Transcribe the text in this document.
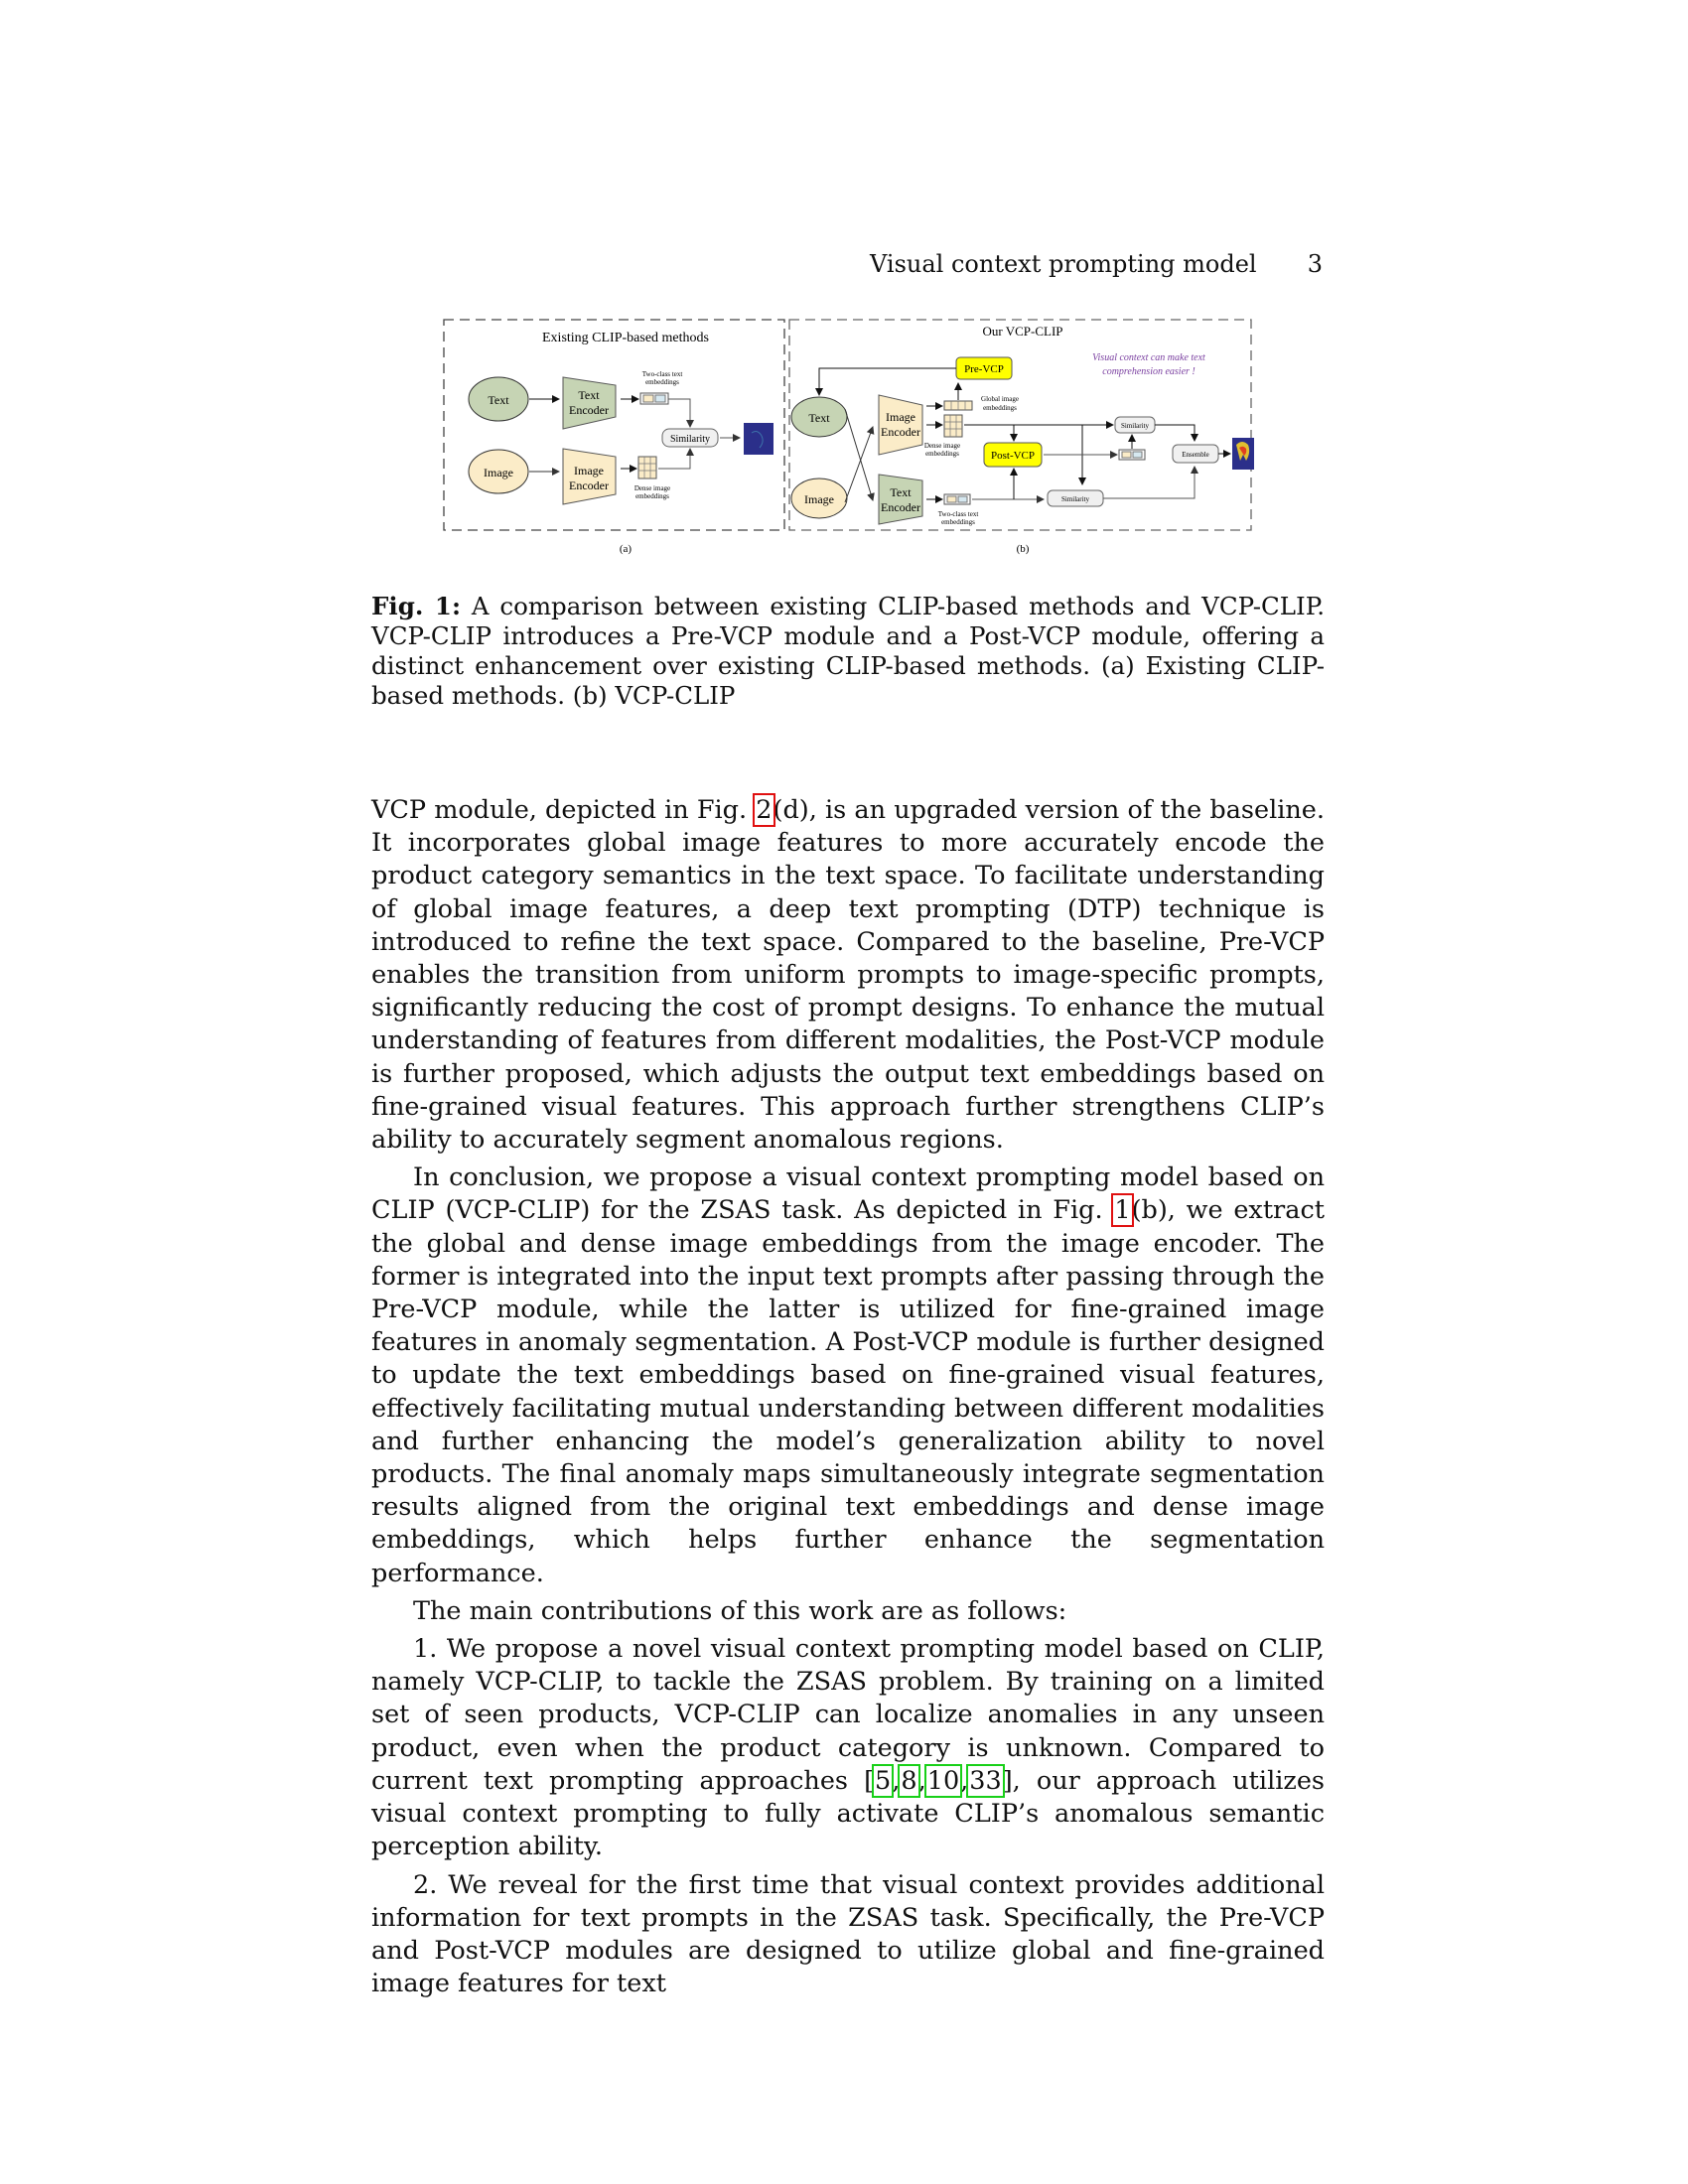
Visual context prompting model 3
Existing CLIP-based methods
Text
Image
Text
Encoder
Image
Encoder
Two-class text
embeddings
Dense image
embeddings
Similarity
(a)
Our VCP-CLIP
Visual context can make text
comprehension easier !
Pre-VCP
Text
Image
Image
Encoder
Text
Encoder
Global image
embeddings
Dense image
embeddings	Post-VCP
Similarity
Two-class text
embeddings
Similarity
Ensemble
(b)
Fig. 1: A comparison between existing CLIP-based methods and VCP-CLIP. VCP-CLIP introduces a Pre-VCP module and a Post-VCP module, offering a distinct enhancement over existing CLIP-based methods. (a) Existing CLIP-based methods. (b) VCP-CLIP

VCP module, depicted in Fig. 2(d), is an upgraded version of the baseline. It incorporates global image features to more accurately encode the product category semantics in the text space. To facilitate understanding of global image features, a deep text prompting (DTP) technique is introduced to refine the text space. Compared to the baseline, Pre-VCP enables the transition from uniform prompts to image-specific prompts, significantly reducing the cost of prompt designs. To enhance the mutual understanding of features from different modalities, the Post-VCP module is further proposed, which adjusts the output text embeddings based on fine-grained visual features. This approach further strengthens CLIP’s ability to accurately segment anomalous regions.

In conclusion, we propose a visual context prompting model based on CLIP (VCP-CLIP) for the ZSAS task. As depicted in Fig. 1(b), we extract the global and dense image embeddings from the image encoder. The former is integrated into the input text prompts after passing through the Pre-VCP module, while the latter is utilized for fine-grained image features in anomaly segmentation. A Post-VCP module is further designed to update the text embeddings based on fine-grained visual features, effectively facilitating mutual understanding between different modalities and further enhancing the model’s generalization ability to novel products. The final anomaly maps simultaneously integrate segmentation results aligned from the original text embeddings and dense image embeddings, which helps further enhance the segmentation performance.

The main contributions of this work are as follows:

1. We propose a novel visual context prompting model based on CLIP, namely VCP-CLIP, to tackle the ZSAS problem. By training on a limited set of seen products, VCP-CLIP can localize anomalies in any unseen product, even when the product category is unknown. Compared to current text prompting approaches [5,8,10,33], our approach utilizes visual context prompting to fully activate CLIP’s anomalous semantic perception ability.

2. We reveal for the first time that visual context provides additional information for text prompts in the ZSAS task. Specifically, the Pre-VCP and Post-VCP modules are designed to utilize global and fine-grained image features for text
